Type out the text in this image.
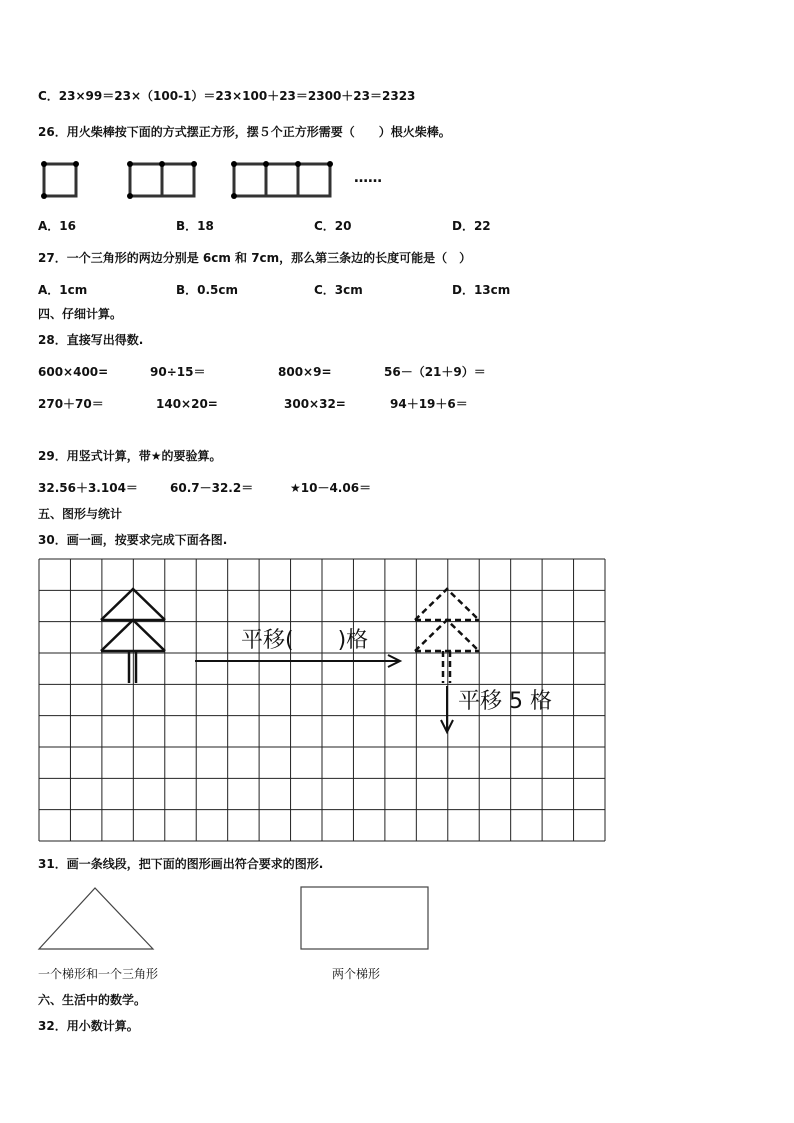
C．23×99＝23×（100-1）＝23×100＋23＝2300＋23＝2323
26．用火柴棒按下面的方式摆正方形，摆５个正方形需要（　　）根火柴棒。
……
A．16	B．18	C．20	D．22
27．一个三角形的两边分别是 6cm 和 7cm，那么第三条边的长度可能是（　）
A．1cm	B．0.5cm	C．3cm	D．13cm
四、仔细计算。
28．直接写出得数.
600×400=	90÷15＝	800×9=	56－（21＋9）＝
270＋70＝	140×20=	300×32=	94＋19＋6＝
29．用竖式计算，带★的要验算。
32.56＋3.104＝	60.7－32.2＝	★10－4.06＝
五、图形与统计
30．画一画，按要求完成下面各图.
平移(　　)格
平移 5 格
31．画一条线段，把下面的图形画出符合要求的图形.
一个梯形和一个三角形	两个梯形
六、生活中的数学。
32．用小数计算。
